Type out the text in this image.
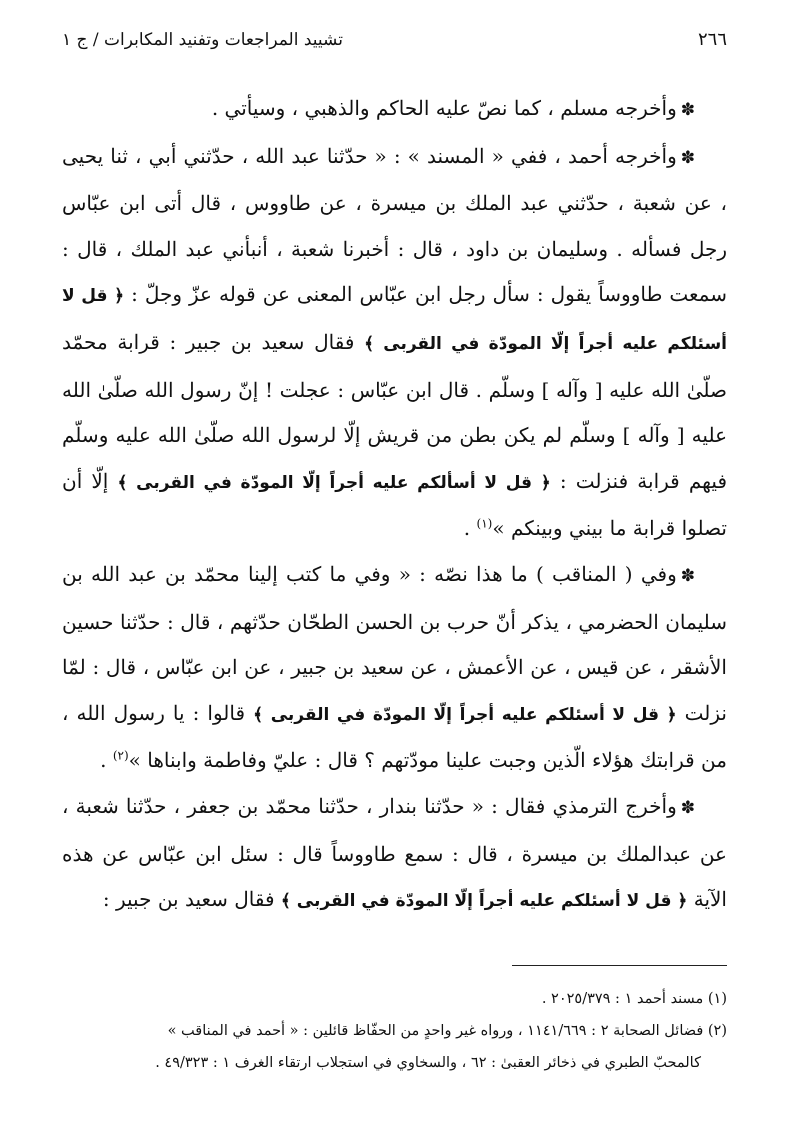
٢٦٦
تشييد المراجعات وتفنيد المكابرات / ج ١

✽وأخرجه مسلم ، كما نصّ عليه الحاكم والذهبي ، وسيأتي .

✽وأخرجه أحمد ، ففي « المسند » : « حدّثنا عبد الله ، حدّثني أبي ، ثنا يحيى ، عن شعبة ، حدّثني عبد الملك بن ميسرة ، عن طاووس ، قال أتى ابن عبّاس رجل فسأله . وسليمان بن داود ، قال : أخبرنا شعبة ، أنبأني عبد الملك ، قال : سمعت طاووساً يقول : سأل رجل ابن عبّاس المعنى عن قوله عزّ وجلّ : ﴿ قل لا أسئلكم عليه أجراً إلّا المودّة في القربى ﴾ فقال سعيد بن جبير : قرابة محمّد صلّىٰ الله عليه [ وآله ] وسلّم . قال ابن عبّاس : عجلت ! إنّ رسول الله صلّىٰ الله عليه [ وآله ] وسلّم لم يكن بطن من قريش إلّا لرسول الله صلّىٰ الله عليه وسلّم فيهم قرابة فنزلت : ﴿ قل لا أسألكم عليه أجراً إلّا المودّة في القربى ﴾ إلّا أن تصلوا قرابة ما بيني وبينكم »$^{(١)}$ .

✽وفي ( المناقب ) ما هذا نصّه : « وفي ما كتب إلينا محمّد بن عبد الله بن سليمان الحضرمي ، يذكر أنّ حرب بن الحسن الطحّان حدّثهم ، قال : حدّثنا حسين الأشقر ، عن قيس ، عن الأعمش ، عن سعيد بن جبير ، عن ابن عبّاس ، قال : لمّا نزلت ﴿ قل لا أسئلكم عليه أجراً إلّا المودّة في القربى ﴾ قالوا : يا رسول الله ، من قرابتك هؤلاء الّذين وجبت علينا مودّتهم ؟ قال : عليّ وفاطمة وابناها »$^{(٢)}$ .

✽وأخرج الترمذي فقال : « حدّثنا بندار ، حدّثنا محمّد بن جعفر ، حدّثنا شعبة ، عن عبدالملك بن ميسرة ، قال : سمع طاووساً قال : سئل ابن عبّاس عن هذه الآية ﴿ قل لا أسئلكم عليه أجراً إلّا المودّة في القربى ﴾ فقال سعيد بن جبير :

(١) مسند أحمد ١ : ٢٠٢٥/٣٧٩ .

(٢) فضائل الصحابة ٢ : ١١٤١/٦٦٩ ، ورواه غير واحدٍ من الحفّاظ قائلين : « أحمد في المناقب »

كالمحبّ الطبري في ذخائر العقبىٰ : ٦٢ ، والسخاوي في استجلاب ارتقاء الغرف ١ : ٤٩/٣٢٣ .
